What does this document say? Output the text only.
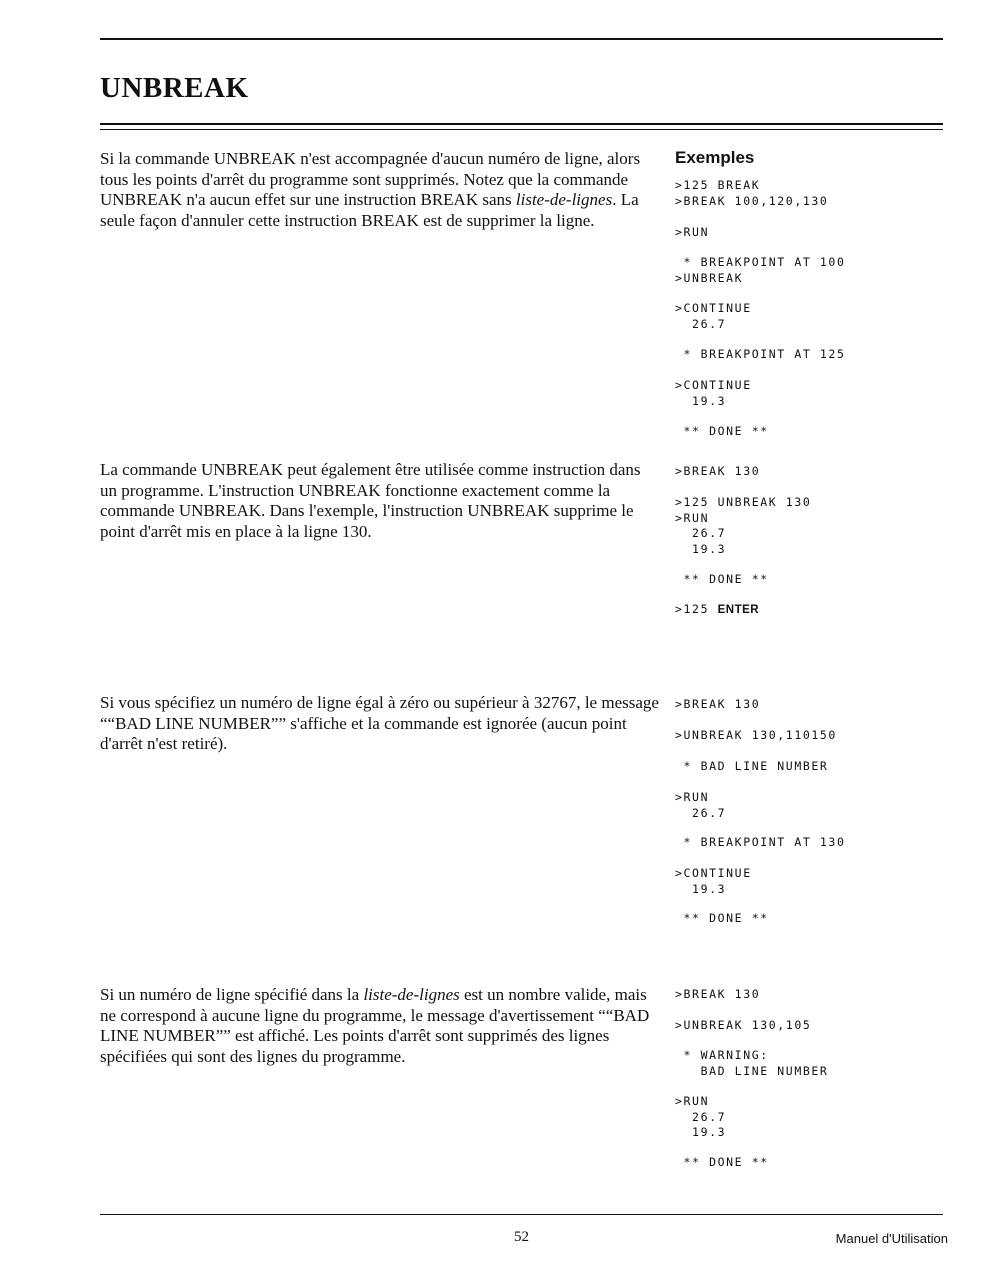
UNBREAK

Si la commande UNBREAK n'est accompagnée d'aucun numéro de ligne, alors tous les points d'arrêt du programme sont supprimés. Notez que la commande UNBREAK n'a aucun effet sur une instruction BREAK sans liste-de-lignes. La seule façon d'annuler cette instruction BREAK est de supprimer la ligne.

La commande UNBREAK peut également être utilisée comme instruction dans un programme. L'instruction UNBREAK fonctionne exactement comme la commande UNBREAK. Dans l'exemple, l'instruction UNBREAK supprime le point d'arrêt mis en place à la ligne 130.

Si vous spécifiez un numéro de ligne égal à zéro ou supérieur à 32767, le message ““BAD LINE NUMBER”” s'affiche et la commande est ignorée (aucun point d'arrêt n'est retiré).

Si un numéro de ligne spécifié dans la liste-de-lignes est un nombre valide, mais ne correspond à aucune ligne du programme, le message d'avertissement ““BAD LINE NUMBER”” est affiché. Les points d'arrêt sont supprimés des lignes spécifiées qui sont des lignes du programme.

Exemples
>125 BREAK
>BREAK 100,120,130
>RUN
* BREAKPOINT AT 100
>UNBREAK
>CONTINUE
26.7
* BREAKPOINT AT 125
>CONTINUE
19.3
** DONE **
>BREAK 130
>125 UNBREAK 130
>RUN
26.7
19.3
** DONE **
>125 ENTER
>BREAK 130
>UNBREAK 130,110150
* BAD LINE NUMBER
>RUN
26.7
* BREAKPOINT AT 130
>CONTINUE
19.3
** DONE **
>BREAK 130
>UNBREAK 130,105
* WARNING:
BAD LINE NUMBER
>RUN
26.7
19.3
** DONE **

52	Manuel d'Utilisation
